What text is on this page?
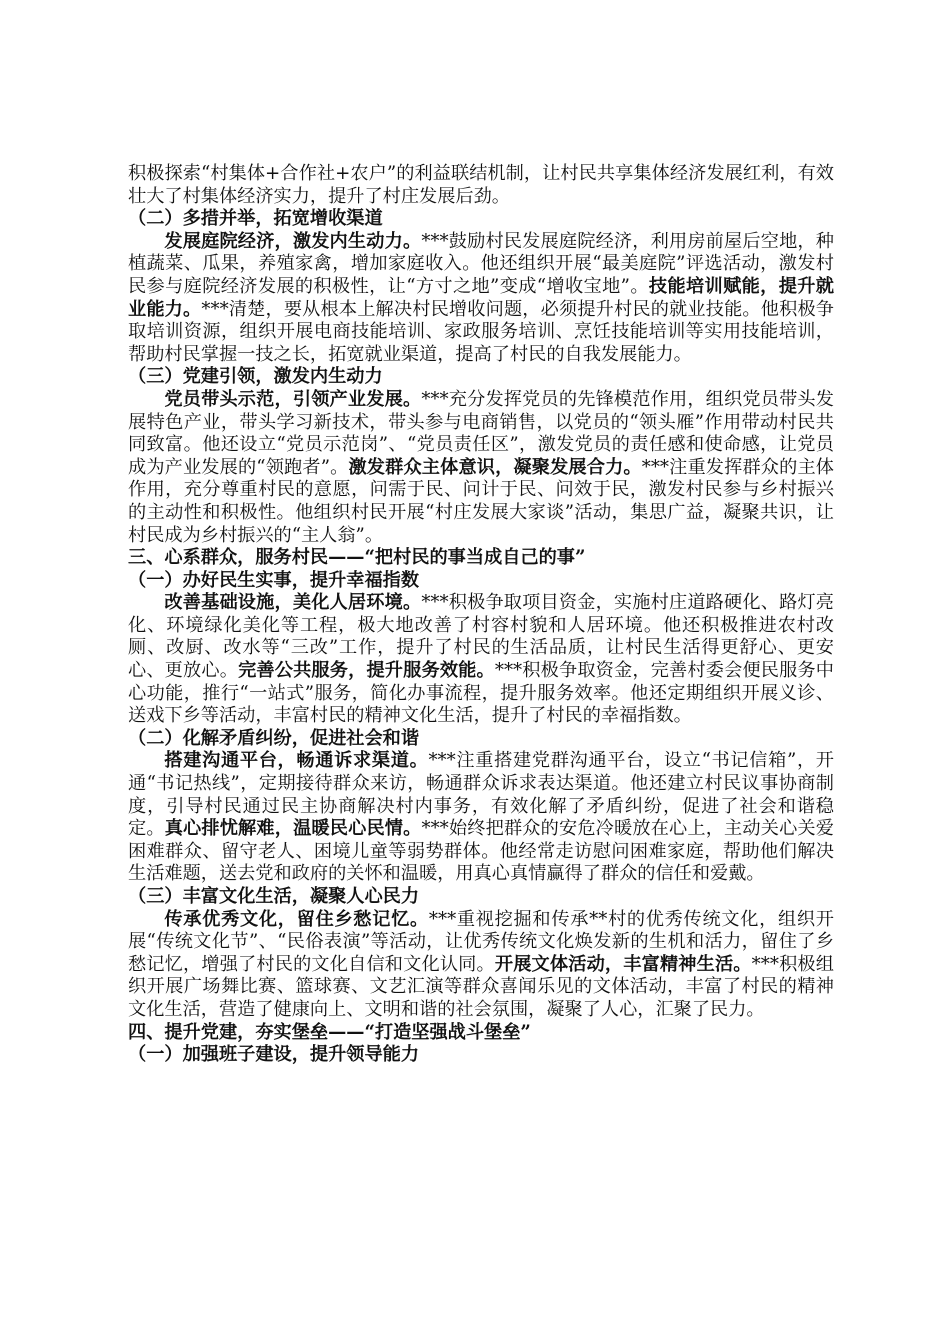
积极探索“村集体+合作社+农户”的利益联结机制，让村民共享集体经济发展红利，有效壮大了村集体经济实力，提升了村庄发展后劲。

（二）多措并举，拓宽增收渠道

发展庭院经济，激发内生动力。***鼓励村民发展庭院经济，利用房前屋后空地，种植蔬菜、瓜果，养殖家禽，增加家庭收入。他还组织开展“最美庭院”评选活动，激发村民参与庭院经济发展的积极性，让“方寸之地”变成“增收宝地”。技能培训赋能，提升就业能力。***清楚，要从根本上解决村民增收问题，必须提升村民的就业技能。他积极争取培训资源，组织开展电商技能培训、家政服务培训、烹饪技能培训等实用技能培训，帮助村民掌握一技之长，拓宽就业渠道，提高了村民的自我发展能力。

（三）党建引领，激发内生动力

党员带头示范，引领产业发展。***充分发挥党员的先锋模范作用，组织党员带头发展特色产业，带头学习新技术，带头参与电商销售，以党员的“领头雁”作用带动村民共同致富。他还设立“党员示范岗”、“党员责任区”，激发党员的责任感和使命感，让党员成为产业发展的“领跑者”。激发群众主体意识，凝聚发展合力。***注重发挥群众的主体作用，充分尊重村民的意愿，问需于民、问计于民、问效于民，激发村民参与乡村振兴的主动性和积极性。他组织村民开展“村庄发展大家谈”活动，集思广益，凝聚共识，让村民成为乡村振兴的“主人翁”。

三、心系群众，服务村民——“把村民的事当成自己的事”

（一）办好民生实事，提升幸福指数

改善基础设施，美化人居环境。***积极争取项目资金，实施村庄道路硬化、路灯亮化、环境绿化美化等工程，极大地改善了村容村貌和人居环境。他还积极推进农村改厕、改厨、改水等“三改”工作，提升了村民的生活品质，让村民生活得更舒心、更安心、更放心。完善公共服务，提升服务效能。***积极争取资金，完善村委会便民服务中心功能，推行“一站式”服务，简化办事流程，提升服务效率。他还定期组织开展义诊、送戏下乡等活动，丰富村民的精神文化生活，提升了村民的幸福指数。

（二）化解矛盾纠纷，促进社会和谐

搭建沟通平台，畅通诉求渠道。***注重搭建党群沟通平台，设立“书记信箱”，开通“书记热线”，定期接待群众来访，畅通群众诉求表达渠道。他还建立村民议事协商制度，引导村民通过民主协商解决村内事务，有效化解了矛盾纠纷，促进了社会和谐稳定。真心排忧解难，温暖民心民情。***始终把群众的安危冷暖放在心上，主动关心关爱困难群众、留守老人、困境儿童等弱势群体。他经常走访慰问困难家庭，帮助他们解决生活难题，送去党和政府的关怀和温暖，用真心真情赢得了群众的信任和爱戴。

（三）丰富文化生活，凝聚人心民力

传承优秀文化，留住乡愁记忆。***重视挖掘和传承**村的优秀传统文化，组织开展“传统文化节”、“民俗表演”等活动，让优秀传统文化焕发新的生机和活力，留住了乡愁记忆，增强了村民的文化自信和文化认同。开展文体活动，丰富精神生活。***积极组织开展广场舞比赛、篮球赛、文艺汇演等群众喜闻乐见的文体活动，丰富了村民的精神文化生活，营造了健康向上、文明和谐的社会氛围，凝聚了人心，汇聚了民力。

四、提升党建，夯实堡垒——“打造坚强战斗堡垒”

（一）加强班子建设，提升领导能力
